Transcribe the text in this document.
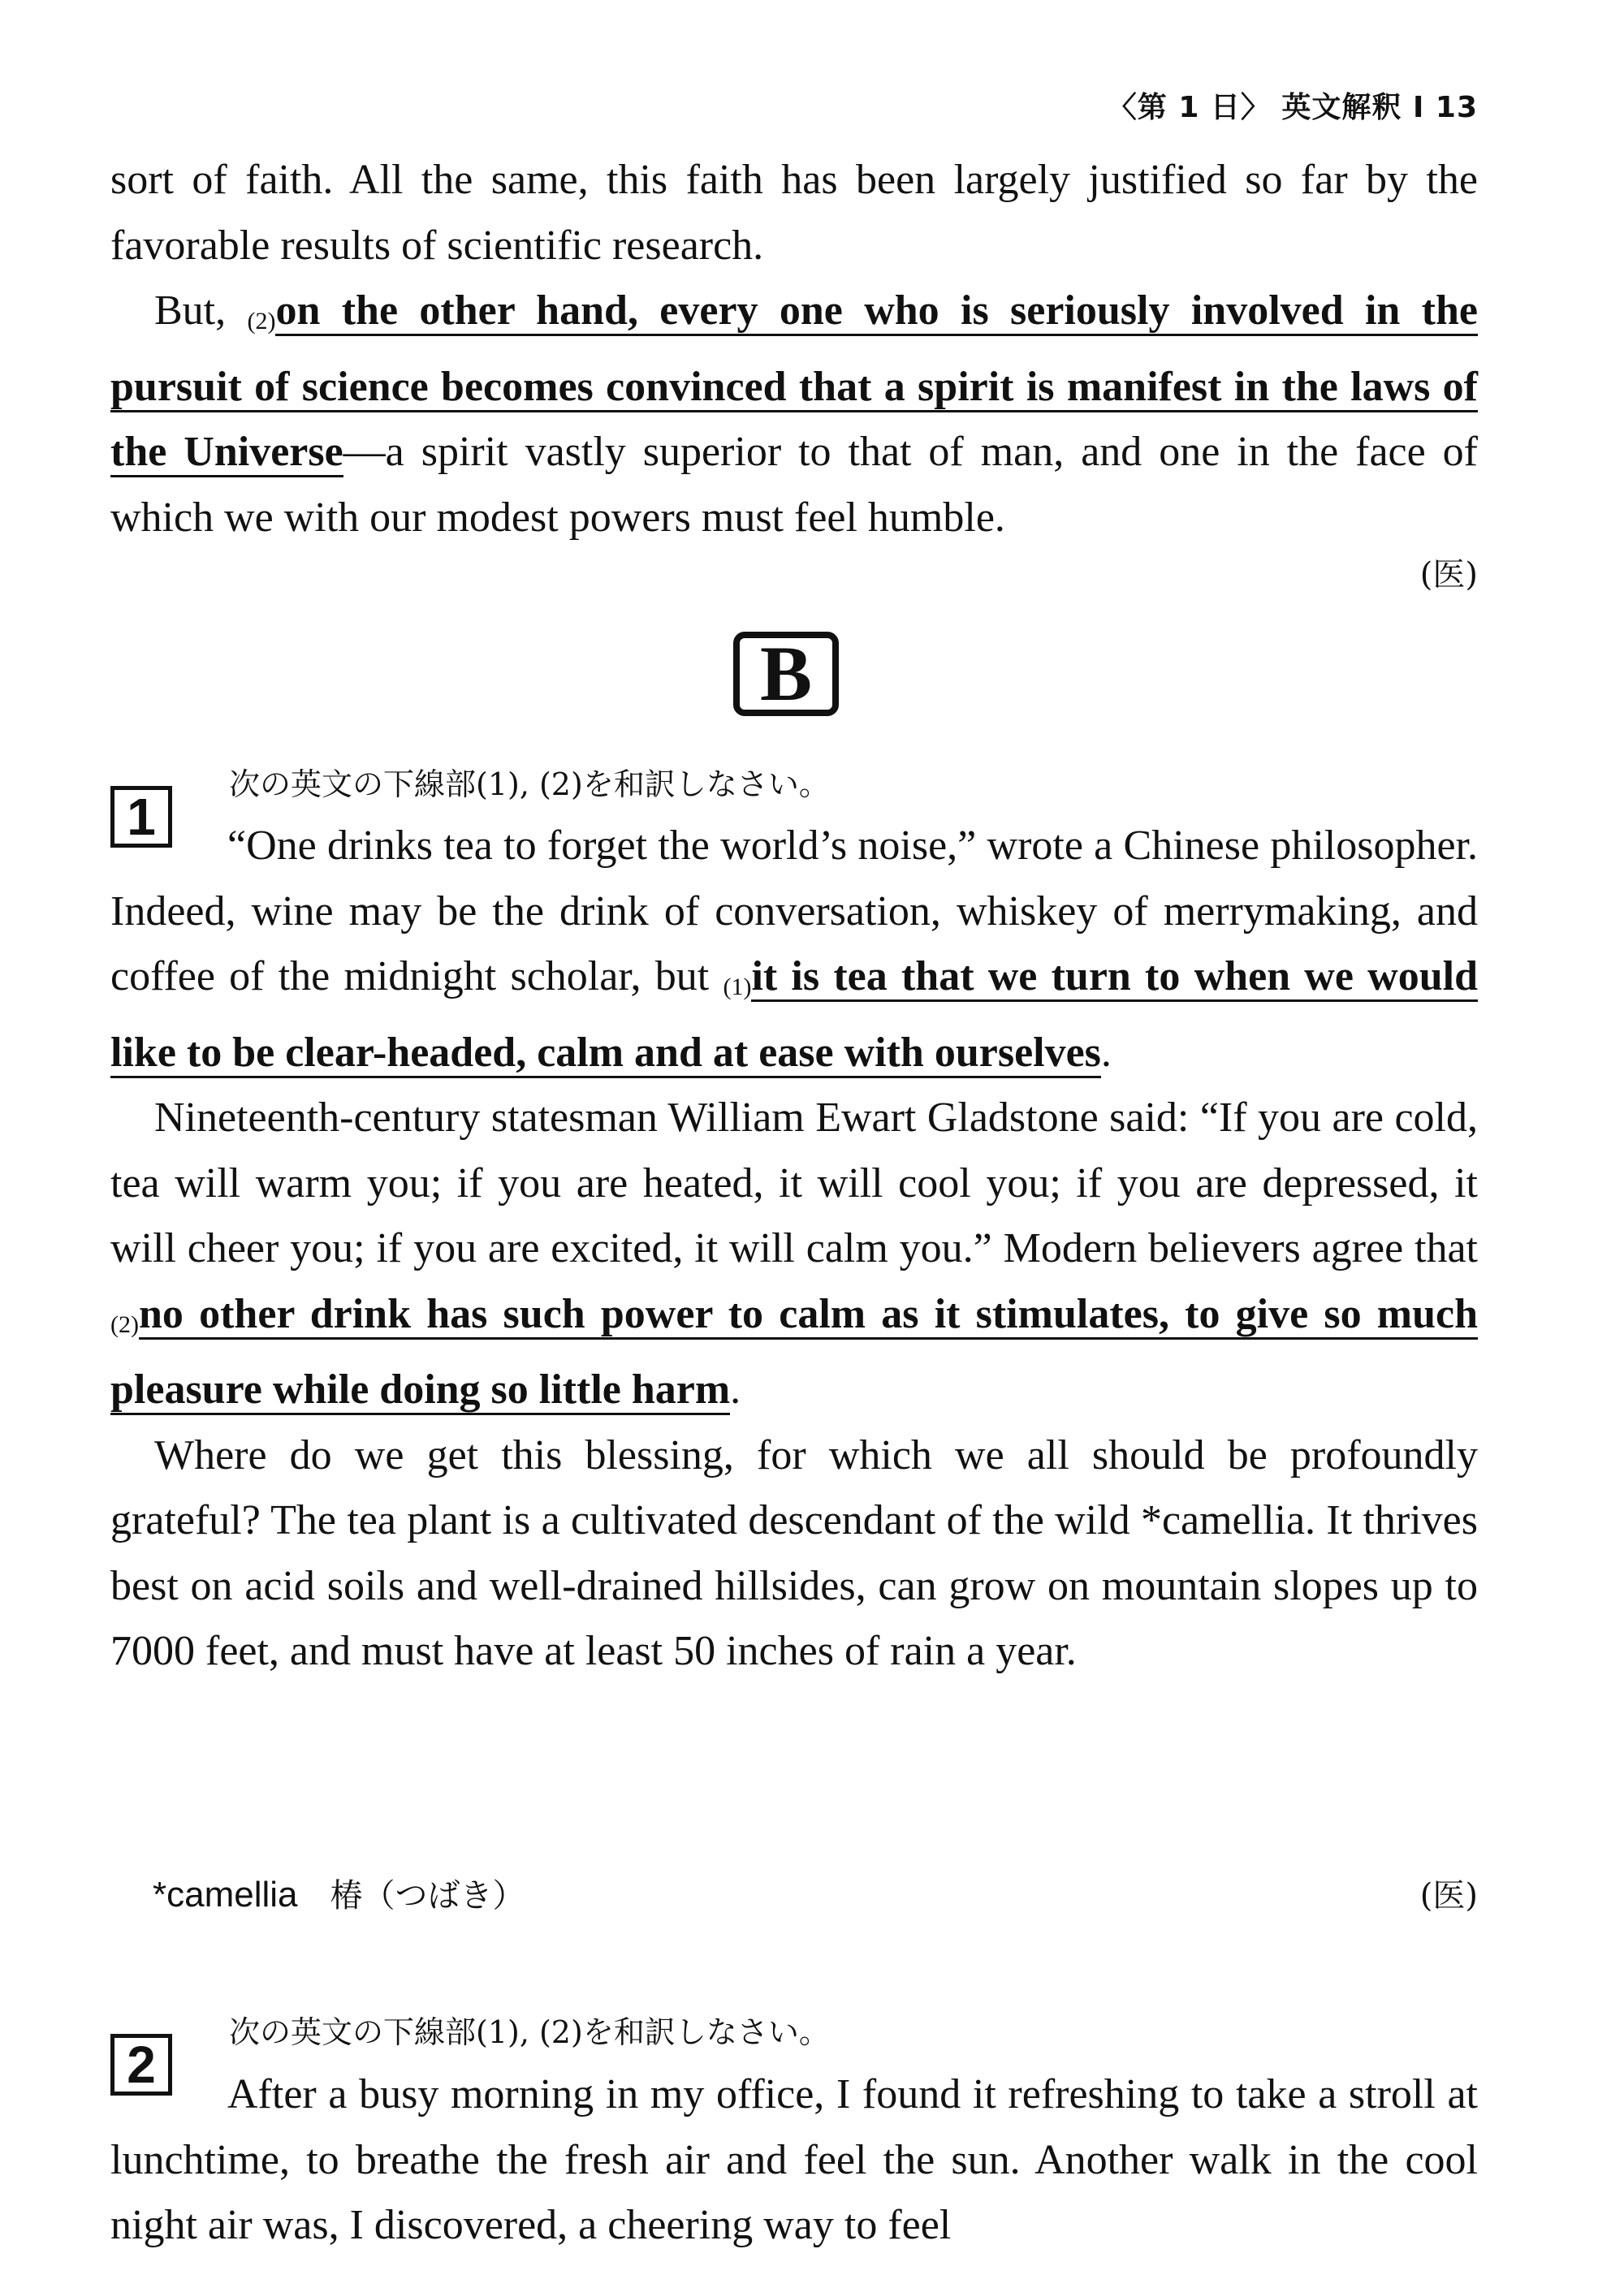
〈第 1 日〉 英文解釈 I 13

sort of faith. All the same, this faith has been largely justified so far by the favorable results of scientific research.

But, (2)on the other hand, every one who is seriously involved in the pursuit of science becomes convinced that a spirit is manifest in the laws of the Universe—a spirit vastly superior to that of man, and one in the face of which we with our modest powers must feel humble.

(医)
B
1
次の英文の下線部(1), (2)を和訳しなさい。

“One drinks tea to forget the world’s noise,” wrote a Chinese philosopher. Indeed, wine may be the drink of conversation, whiskey of merrymaking, and coffee of the midnight scholar, but (1)it is tea that we turn to when we would like to be clear-headed, calm and at ease with ourselves.

Nineteenth-century statesman William Ewart Gladstone said: “If you are cold, tea will warm you; if you are heated, it will cool you; if you are depressed, it will cheer you; if you are excited, it will calm you.” Modern believers agree that (2)no other drink has such power to calm as it stimulates, to give so much pleasure while doing so little harm.

Where do we get this blessing, for which we all should be profoundly grateful? The tea plant is a cultivated descendant of the wild *camellia. It thrives best on acid soils and well-drained hillsides, can grow on mountain slopes up to 7000 feet, and must have at least 50 inches of rain a year.

*camellia 椿（つばき）	(医)
2
次の英文の下線部(1), (2)を和訳しなさい。

After a busy morning in my office, I found it refreshing to take a stroll at lunchtime, to breathe the fresh air and feel the sun. Another walk in the cool night air was, I discovered, a cheering way to feel
